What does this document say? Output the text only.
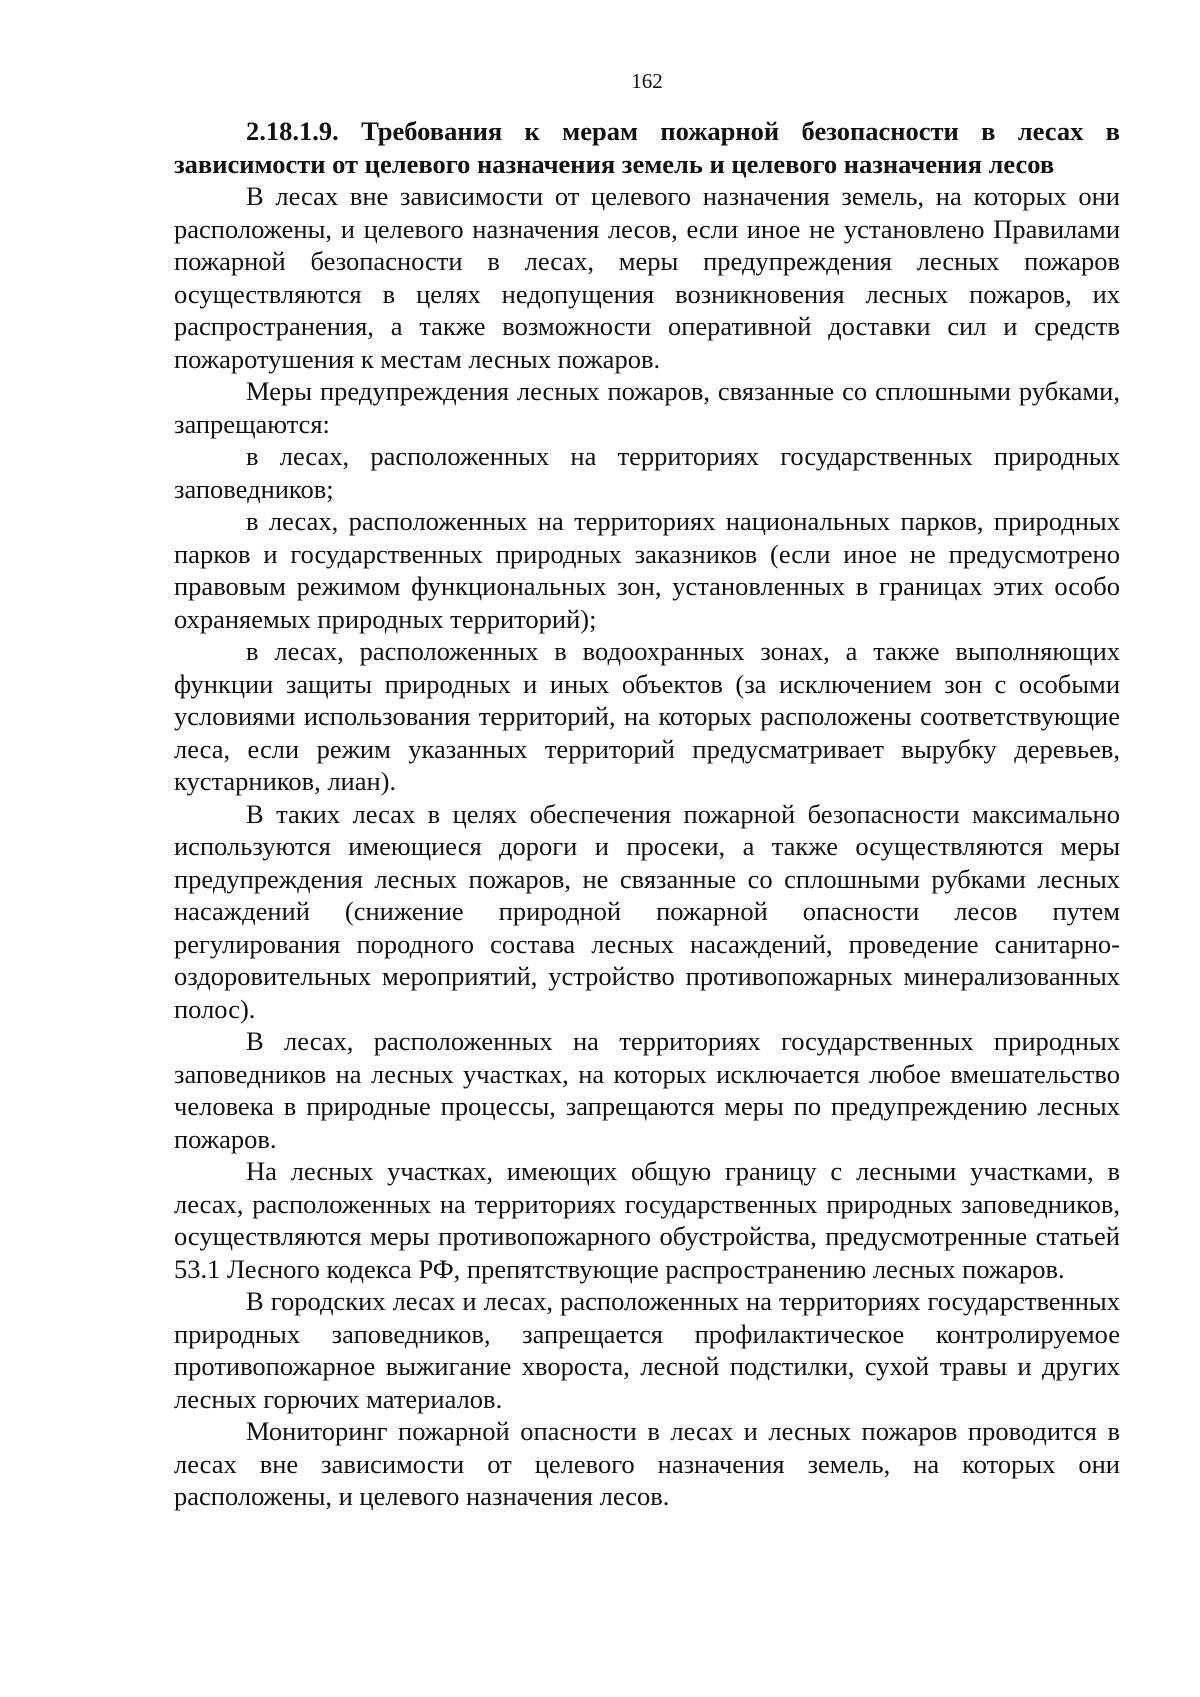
162

2.18.1.9. Требования к мерам пожарной безопасности в лесах в зависимости от целевого назначения земель и целевого назначения лесов

В лесах вне зависимости от целевого назначения земель, на которых они расположены, и целевого назначения лесов, если иное не установлено Правилами пожарной безопасности в лесах, меры предупреждения лесных пожаров осуществляются в целях недопущения возникновения лесных пожаров, их распространения, а также возможности оперативной доставки сил и средств пожаротушения к местам лесных пожаров.

Меры предупреждения лесных пожаров, связанные со сплошными рубками, запрещаются:

в лесах, расположенных на территориях государственных природных заповедников;

в лесах, расположенных на территориях национальных парков, природных парков и государственных природных заказников (если иное не предусмотрено правовым режимом функциональных зон, установленных в границах этих особо охраняемых природных территорий);

в лесах, расположенных в водоохранных зонах, а также выполняющих функции защиты природных и иных объектов (за исключением зон с особыми условиями использования территорий, на которых расположены соответствующие леса, если режим указанных территорий предусматривает вырубку деревьев, кустарников, лиан).

В таких лесах в целях обеспечения пожарной безопасности максимально используются имеющиеся дороги и просеки, а также осуществляются меры предупреждения лесных пожаров, не связанные со сплошными рубками лесных насаждений (снижение природной пожарной опасности лесов путем регулирования породного состава лесных насаждений, проведение санитарно-оздоровительных мероприятий, устройство противопожарных минерализованных полос).

В лесах, расположенных на территориях государственных природных заповедников на лесных участках, на которых исключается любое вмешательство человека в природные процессы, запрещаются меры по предупреждению лесных пожаров.

На лесных участках, имеющих общую границу с лесными участками, в лесах, расположенных на территориях государственных природных заповедников, осуществляются меры противопожарного обустройства, предусмотренные статьей 53.1 Лесного кодекса РФ, препятствующие распространению лесных пожаров.

В городских лесах и лесах, расположенных на территориях государственных природных заповедников, запрещается профилактическое контролируемое противопожарное выжигание хвороста, лесной подстилки, сухой травы и других лесных горючих материалов.

Мониторинг пожарной опасности в лесах и лесных пожаров проводится в лесах вне зависимости от целевого назначения земель, на которых они расположены, и целевого назначения лесов.
